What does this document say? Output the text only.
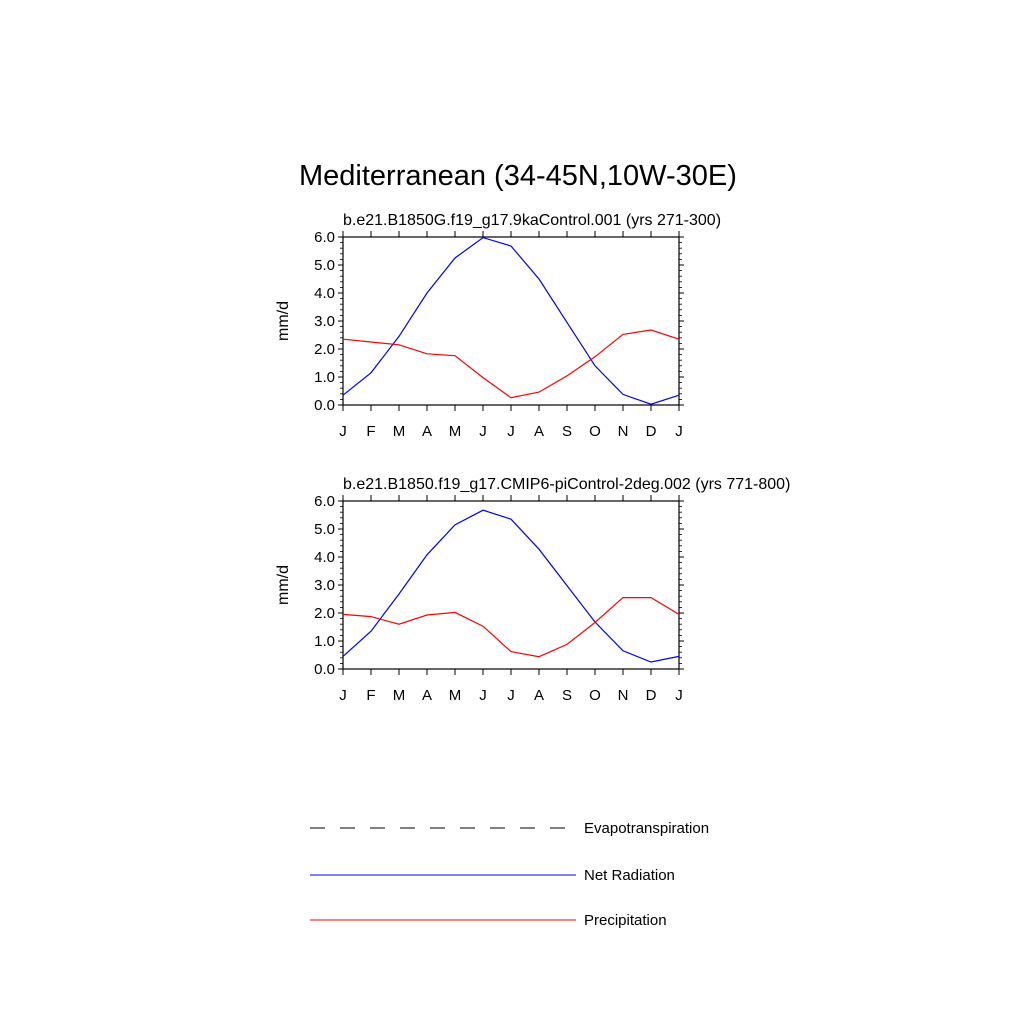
Mediterranean (34-45N,10W-30E)
b.e21.B1850G.f19_g17.9kaControl.001 (yrs 271-300)
0.0
1.0
2.0
3.0
4.0
5.0
6.0
J F M A M J J A S O N D J
mm/d
b.e21.B1850.f19_g17.CMIP6-piControl-2deg.002 (yrs 771-800)
0.0
1.0
2.0
3.0
4.0
5.0
6.0
J F M A M J J A S O N D J
mm/d
Evapotranspiration
Net Radiation
Precipitation
